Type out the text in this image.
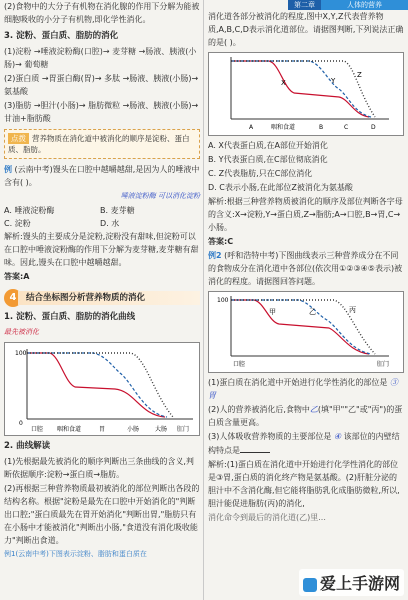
第二章	人体的营养

(2)食物中的大分子有机物在消化腺的作用下分解为能被细胞吸收的小分子有机物,即化学性消化。

3. 淀粉、蛋白质、脂肪的消化

(1)淀粉 →唾液淀粉酶(口腔)→ 麦芽糖 →肠液、胰液(小肠)→ 葡萄糖

(2)蛋白质 →胃蛋白酶(胃)→ 多肽 →肠液、胰液(小肠)→ 氨基酸

(3)脂肪 →胆汁(小肠)→ 脂肪微粒 →肠液、胰液(小肠)→ 甘油+脂肪酸

点拨 营养物质在消化道中被消化的顺序是淀粉、蛋白质、脂肪。

例 (云南中考)馒头在口腔中越嚼越甜,是因为人的唾液中含有( )。

唾液淀粉酶 可以消化淀粉

A. 唾液淀粉酶	B. 麦芽糖 C. 淀粉	D. 水

解析:馒头的主要成分是淀粉,淀粉没有甜味,但淀粉可以在口腔中唾液淀粉酶的作用下分解为麦芽糖,麦芽糖有甜味。因此,馒头在口腔中越嚼越甜。

答案:A

4	结合坐标图分析营养物质的消化
1. 淀粉、蛋白质、脂肪的消化曲线
最先被消化
100
0
口腔 咽和食道	胃	小肠	大肠 肛门
2. 曲线解读

(1)先根据最先被消化的顺序判断出三条曲线的含义,判断依据顺序:淀粉→蛋白质→脂肪。

(2)再根据三种营养物质最初被消化的部位判断出各段的结构名称。根据"淀粉是最先在口腔中开始消化的"判断出口腔;"蛋白质最先在胃开始消化"判断出胃,"脂肪只有在小肠中才能被消化"判断出小肠,"食道没有消化吸收能力"判断出食道。

例1(云南中考)下图表示淀粉、脂肪和蛋白质在

消化道各部分被消化的程度,图中X,Y,Z代表营养物质,A,B,C,D表示消化道部位。请据图判断,下列说法正确的是( )。

X	Y
Z
A	咽和食道	B	C	D

A. X代表蛋白质,在A部位开始消化

B. Y代表蛋白质,在C部位彻底消化

C. Z代表脂肪,只在C部位消化

D. C表示小肠,在此部位Z被消化为氨基酸

解析:根据三种营养物质被消化的顺序及部位判断各字母的含义:X→淀粉,Y→蛋白质,Z→脂肪;A→口腔,B→胃,C→小肠。

答案:C

例2 (呼和浩特中考)下图曲线表示三种营养成分在不同的食物成分在消化道中各部位(依次用①②③④⑤表示)被消化的程度。请据图回答问题。

100
甲	乙	丙
口腔	肛门

(1)蛋白质在消化道中开始进行化学性消化的部位是 ③胃

(2)人的营养被消化后,食物中乙(填"甲""乙"或"丙")的蛋白质含量更高。

(3)人体吸收营养物质的主要部位是 ④ 该部位的内壁结构特点是

解析:(1)蛋白质在消化道中开始进行化学性消化的部位是③胃,蛋白质的消化终产物是氨基酸。(2)肝脏分泌的胆汁中不含消化酶,但它能将脂肪乳化成脂肪微粒,所以,胆汁能促进脂肪(丙)的消化,

消化命令到最后的消化道(乙)里...

爱上手游网
